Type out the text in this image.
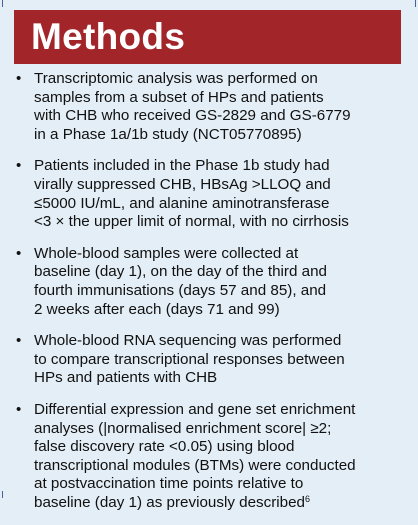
Methods
• Transcriptomic analysis was performed on
samples from a subset of HPs and patients
with CHB who received GS-2829 and GS-6779
in a Phase 1a/1b study (NCT05770895)
• Patients included in the Phase 1b study had
virally suppressed CHB, HBsAg >LLOQ and
≤5000 IU/mL, and alanine aminotransferase
<3 × the upper limit of normal, with no cirrhosis
• Whole-blood samples were collected at
baseline (day 1), on the day of the third and
fourth immunisations (days 57 and 85), and
2 weeks after each (days 71 and 99)
• Whole-blood RNA sequencing was performed
to compare transcriptional responses between
HPs and patients with CHB
• Differential expression and gene set enrichment
analyses (|normalised enrichment score| ≥2;
false discovery rate <0.05) using blood
transcriptional modules (BTMs) were conducted
at postvaccination time points relative to
baseline (day 1) as previously described$^6$
